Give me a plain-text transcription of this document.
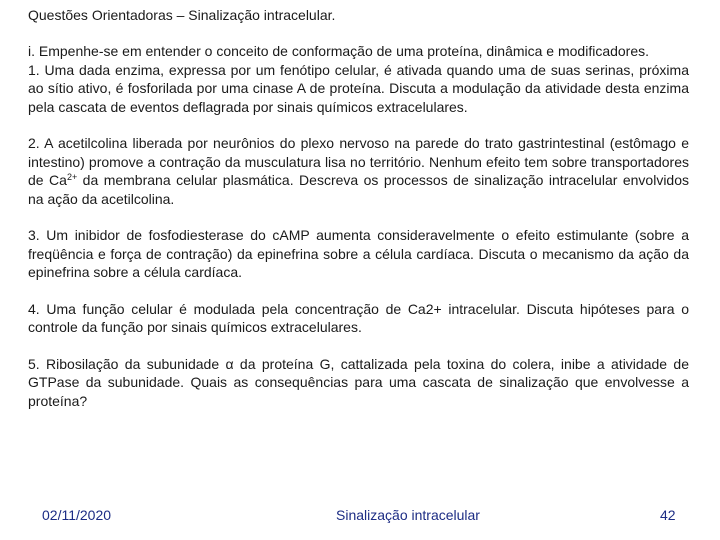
Questões Orientadoras – Sinalização intracelular.

i. Empenhe-se em entender o conceito de conformação de uma proteína, dinâmica e modificadores.
1. Uma dada enzima, expressa por um fenótipo celular, é ativada quando uma de suas serinas, próxima ao sítio ativo, é fosforilada por uma cinase A de proteína. Discuta a modulação da atividade desta enzima pela cascata de eventos deflagrada por sinais químicos extracelulares.

2. A acetilcolina liberada por neurônios do plexo nervoso na parede do trato gastrintestinal (estômago e intestino) promove a contração da musculatura lisa no território. Nenhum efeito tem sobre transportadores de $Ca^{2+}$ da membrana celular plasmática. Descreva os processos de sinalização intracelular envolvidos na ação da acetilcolina.

3. Um inibidor de fosfodiesterase do cAMP aumenta consideravelmente o efeito estimulante (sobre a freqüência e força de contração) da epinefrina sobre a célula cardíaca. Discuta o mecanismo da ação da epinefrina sobre a célula cardíaca.

4. Uma função celular é modulada pela concentração de Ca2+ intracelular. Discuta hipóteses para o controle da função por sinais químicos extracelulares.

5. Ribosilação da subunidade α da proteína G, cattalizada pela toxina do colera, inibe a atividade de GTPase da subunidade. Quais as consequências para uma cascata de sinalização que envolvesse a proteína?

02/11/2020	Sinalização intracelular	42
